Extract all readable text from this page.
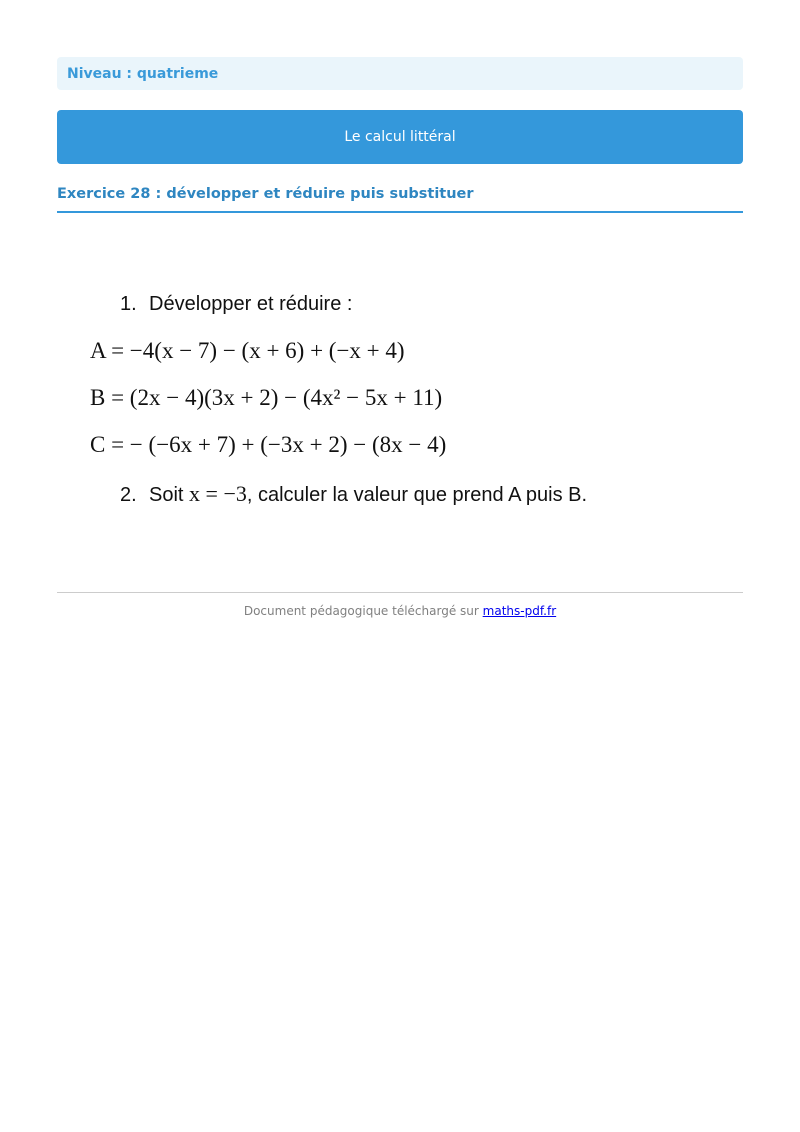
Niveau : quatrieme
Le calcul littéral
Exercice 28 : développer et réduire puis substituer
1. Développer et réduire :
A = −4(x − 7) − (x + 6) + (−x + 4)
B = (2x − 4)(3x + 2) − (4x² − 5x + 11)
C = − (−6x + 7) + (−3x + 2) − (8x − 4)
2. Soit x = −3, calculer la valeur que prend A puis B.
Document pédagogique téléchargé sur maths-pdf.fr
